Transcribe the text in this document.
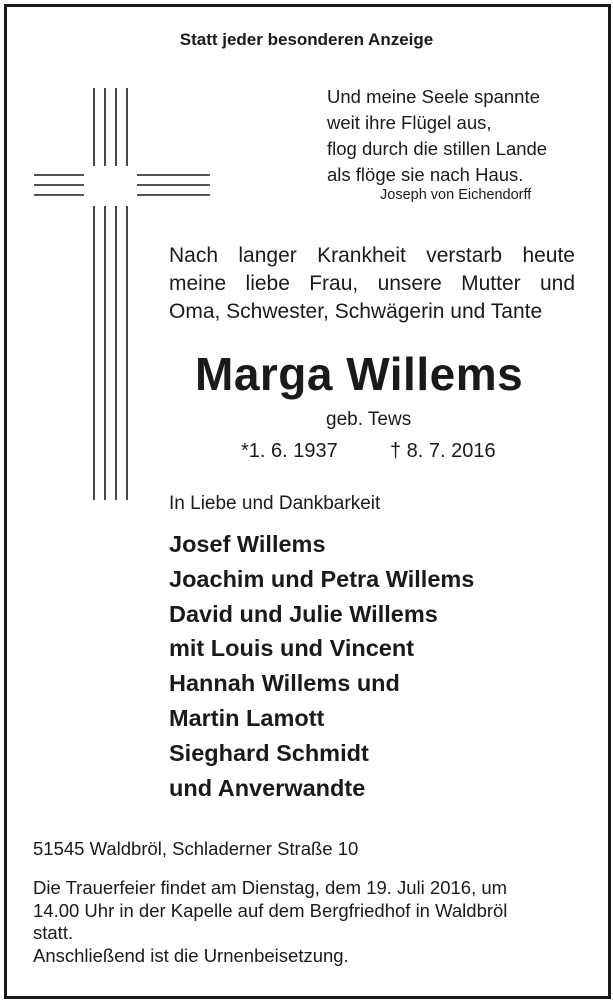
Statt jeder besonderen Anzeige
Und meine Seele spannte
weit ihre Flügel aus,
flog durch die stillen Lande
als flöge sie nach Haus.
Joseph von Eichendorff
Nach langer Krankheit verstarb heute
meine liebe Frau, unsere Mutter und
Oma, Schwester, Schwägerin und Tante
Marga Willems
geb. Tews
*1. 6. 1937	† 8. 7. 2016
In Liebe und Dankbarkeit
Josef Willems
Joachim und Petra Willems
David und Julie Willems
mit Louis und Vincent
Hannah Willems und
Martin Lamott
Sieghard Schmidt
und Anverwandte
51545 Waldbröl, Schladerner Straße 10
Die Trauerfeier findet am Dienstag, dem 19. Juli 2016, um
14.00 Uhr in der Kapelle auf dem Bergfriedhof in Waldbröl
statt.
Anschließend ist die Urnenbeisetzung.
